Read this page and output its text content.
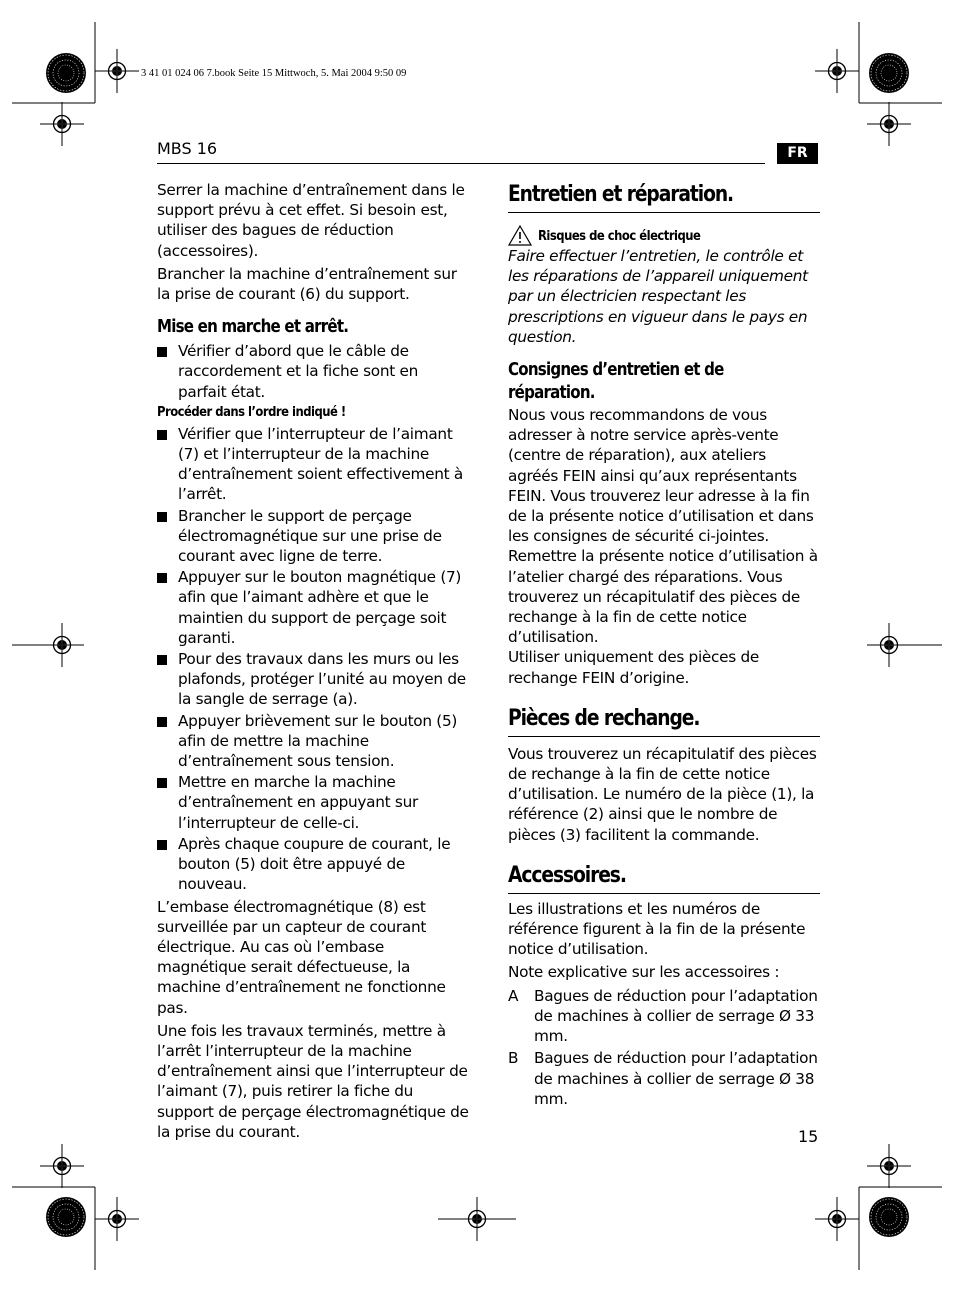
3 41 01 024 06 7.book Seite 15 Mittwoch, 5. Mai 2004 9:50 09
MBS 16	FR

Serrer la machine d’entraînement dans le support prévu à cet effet. Si besoin est, utiliser des bagues de réduction (accessoires).

Brancher la machine d’entraînement sur la prise de courant (6) du support.

Mise en marche et arrêt.
Vérifier d’abord que le câble de raccordement et la fiche sont en parfait état.
Procéder dans l’ordre indiqué !
Vérifier que l’interrupteur de l’aimant (7) et l’interrupteur de la machine d’entraînement soient effectivement à l’arrêt.
Brancher le support de perçage électromagnétique sur une prise de courant avec ligne de terre.
Appuyer sur le bouton magnétique (7) afin que l’aimant adhère et que le maintien du support de perçage soit garanti.
Pour des travaux dans les murs ou les plafonds, protéger l’unité au moyen de la sangle de serrage (a).
Appuyer brièvement sur le bouton (5) afin de mettre la machine d’entraînement sous tension.
Mettre en marche la machine d’entraînement en appuyant sur l’interrupteur de celle-ci.
Après chaque coupure de courant, le bouton (5) doit être appuyé de nouveau.

L’embase électromagnétique (8) est surveillée par un capteur de courant électrique. Au cas où l’embase magnétique serait défectueuse, la machine d’entraînement ne fonctionne pas.

Une fois les travaux terminés, mettre à l’arrêt l’interrupteur de la machine d’entraînement ainsi que l’interrupteur de l’aimant (7), puis retirer la fiche du support de perçage électromagnétique de la prise du courant.

Entretien et réparation.
Risques de choc électrique

Faire effectuer l’entretien, le contrôle et les réparations de l’appareil uniquement par un électricien respectant les prescriptions en vigueur dans le pays en question.

Consignes d’entretien et de
réparation.

Nous vous recommandons de vous adresser à notre service après-vente (centre de réparation), aux ateliers agréés FEIN ainsi qu’aux représentants FEIN. Vous trouverez leur adresse à la fin de la présente notice d’utilisation et dans les consignes de sécurité ci-jointes.

Remettre la présente notice d’utilisation à l’atelier chargé des réparations. Vous trouverez un récapitulatif des pièces de rechange à la fin de cette notice d’utilisation.

Utiliser uniquement des pièces de rechange FEIN d’origine.

Pièces de rechange.

Vous trouverez un récapitulatif des pièces de rechange à la fin de cette notice d’utilisation. Le numéro de la pièce (1), la référence (2) ainsi que le nombre de pièces (3) facilitent la commande.

Accessoires.

Les illustrations et les numéros de référence figurent à la fin de la présente notice d’utilisation.

Note explicative sur les accessoires :

A Bagues de réduction pour l’adaptation de machines à collier de serrage Ø 33 mm.
B Bagues de réduction pour l’adaptation de machines à collier de serrage Ø 38 mm.
15
